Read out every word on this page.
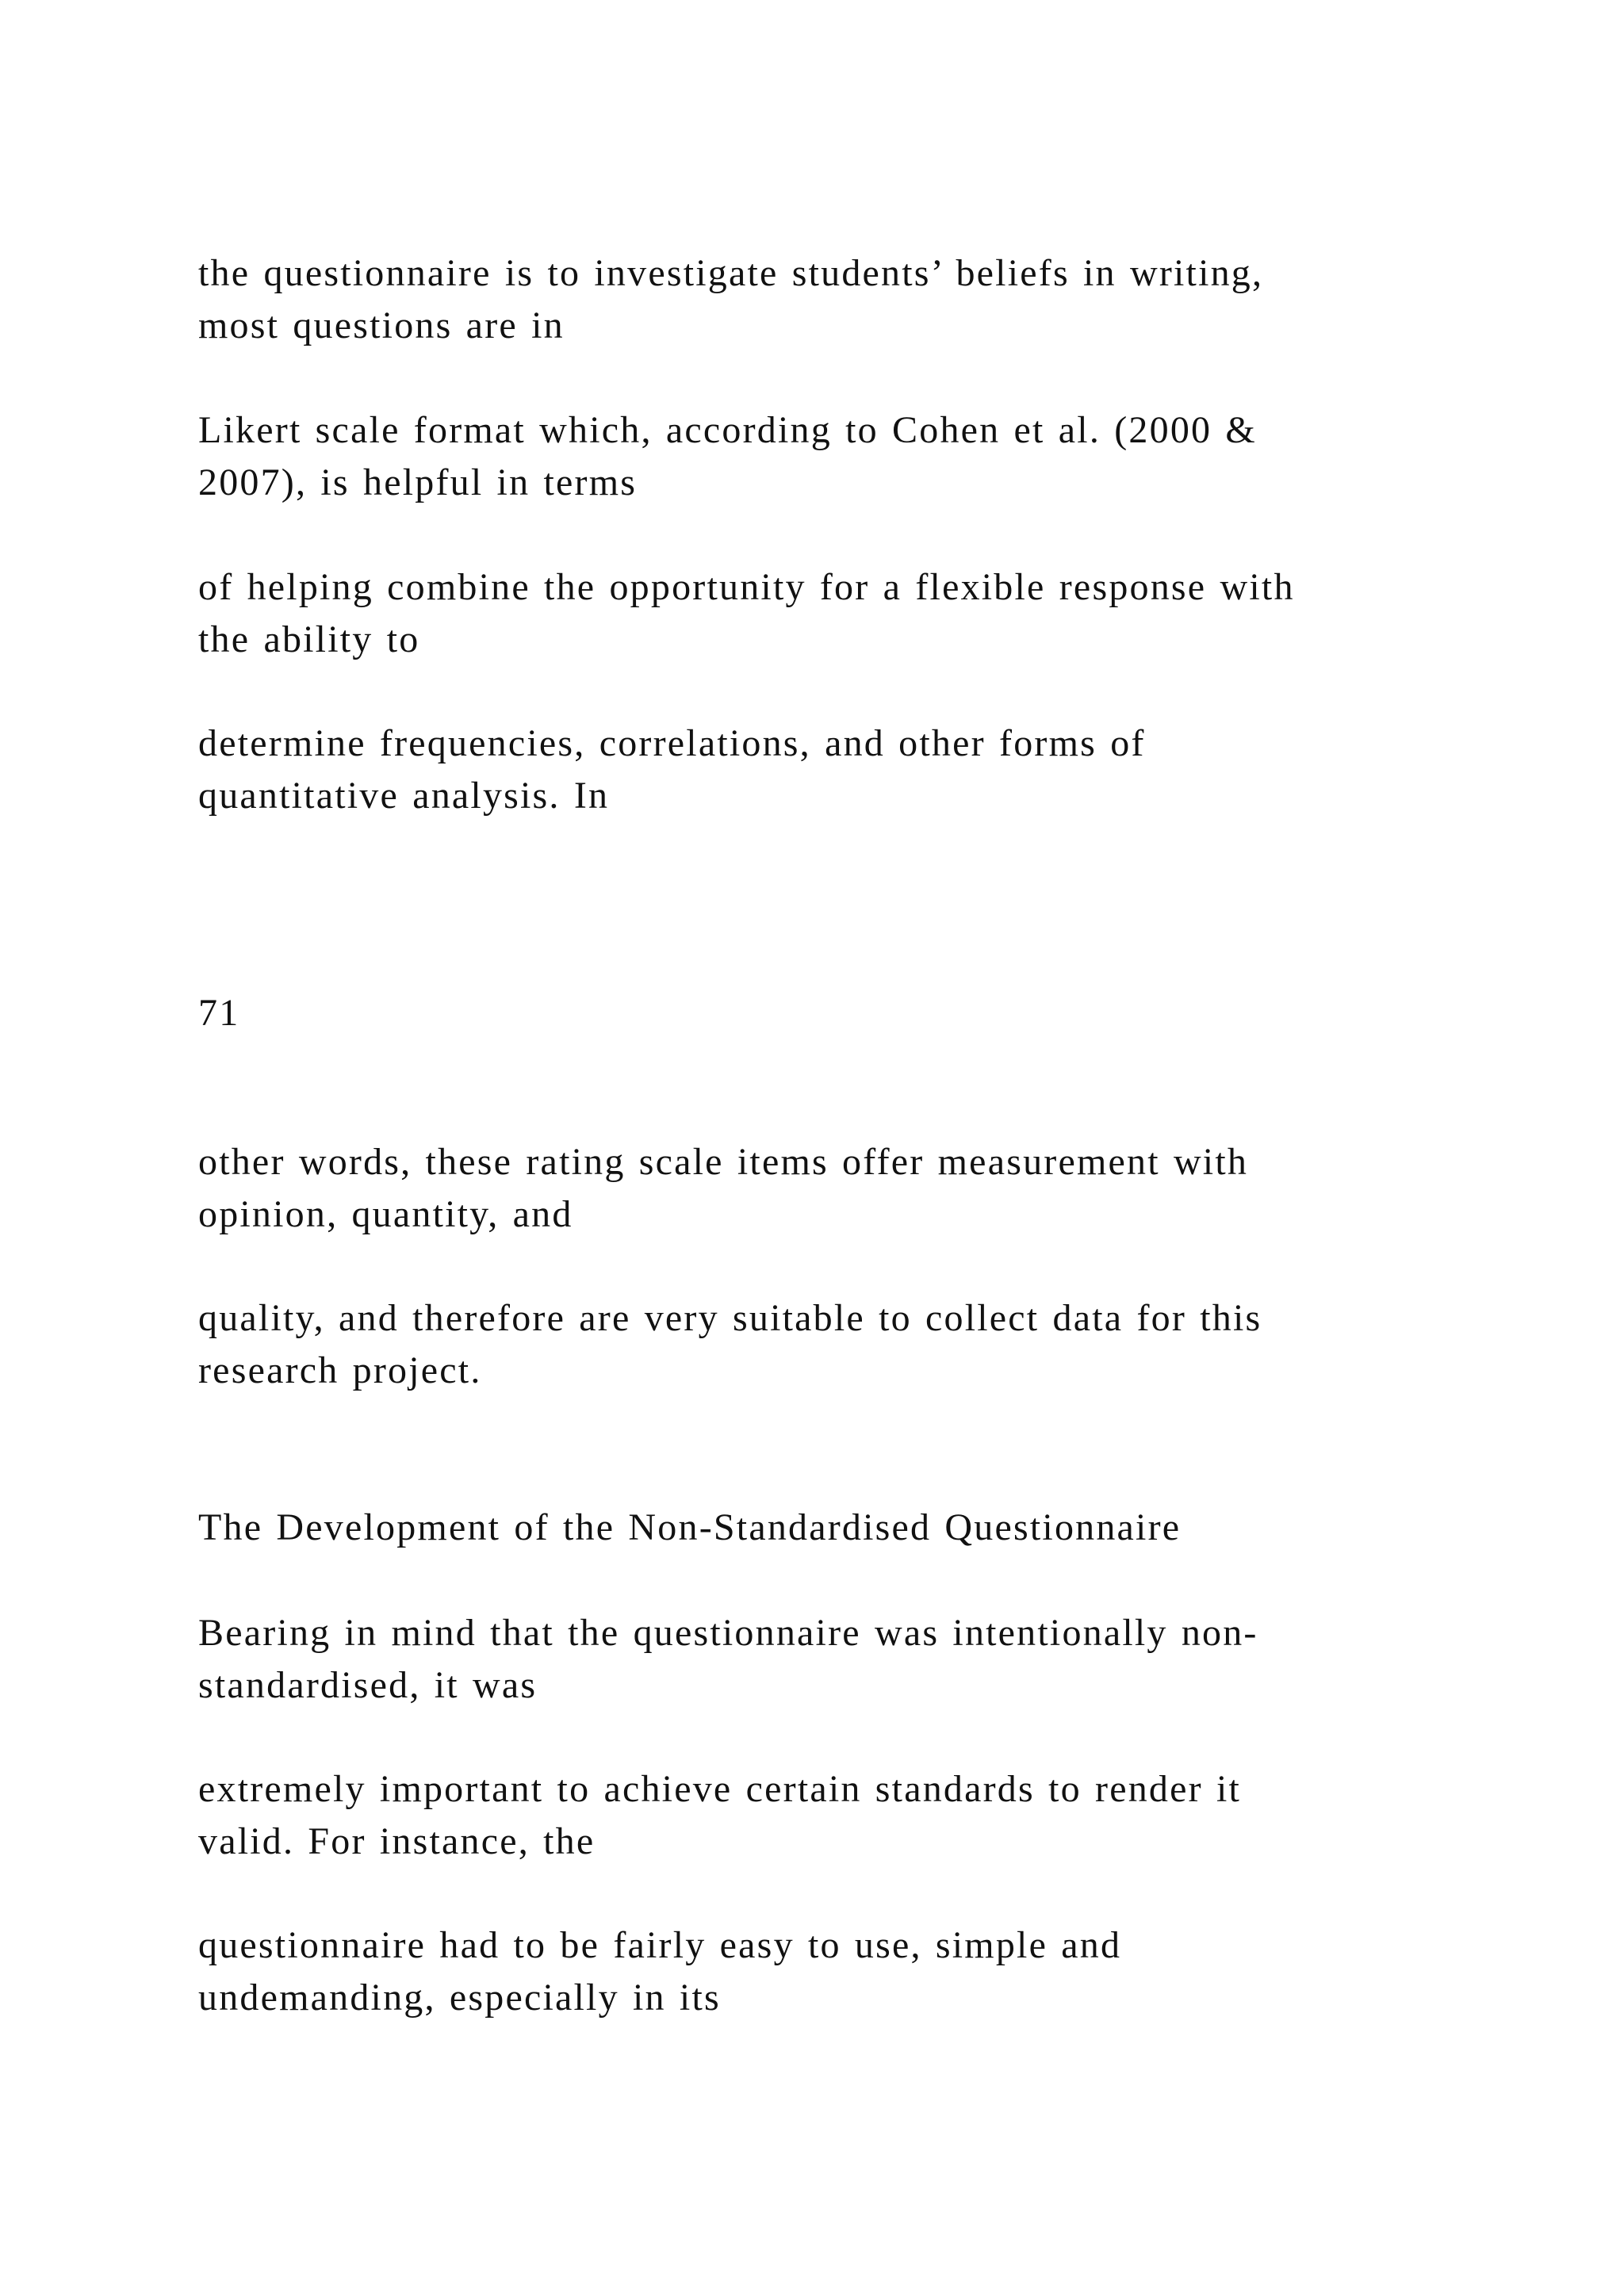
the questionnaire is to investigate students’ beliefs in writing,
most questions are in
Likert scale format which, according to Cohen et al. (2000 &
2007), is helpful in terms
of helping combine the opportunity for a flexible response with
the ability to
determine frequencies, correlations, and other forms of
quantitative analysis. In
71
other words, these rating scale items offer measurement with
opinion, quantity, and
quality, and therefore are very suitable to collect data for this
research project.
The Development of the Non-Standardised Questionnaire
Bearing in mind that the questionnaire was intentionally non-
standardised, it was
extremely important to achieve certain standards to render it
valid. For instance, the
questionnaire had to be fairly easy to use, simple and
undemanding, especially in its
